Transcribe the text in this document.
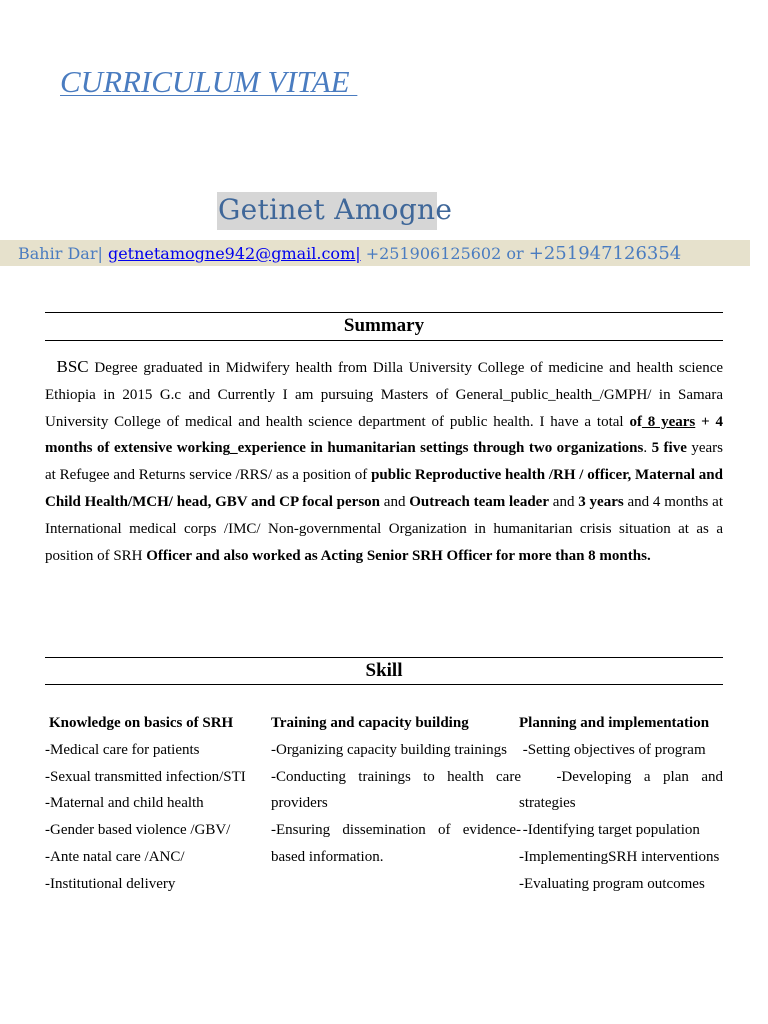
CURRICULUM VITAE
Getinet Amogne
Bahir Dar| getnetamogne942@gmail.com| +251906125602 or +251947126354
Summary
BSC Degree graduated in Midwifery health from Dilla University College of medicine and health science Ethiopia in 2015 G.c and Currently I am pursuing Masters of General_public_health_/GMPH/ in Samara University College of medical and health science department of public health. I have a total of 8 years + 4 months of extensive working_experience in humanitarian settings through two organizations. 5 five years at Refugee and Returns service /RRS/ as a position of public Reproductive health /RH / officer, Maternal and Child Health/MCH/ head, GBV and CP focal person and Outreach team leader and 3 years and 4 months at International medical corps /IMC/ Non-governmental Organization in humanitarian crisis situation at as a position of SRH Officer and also worked as Acting Senior SRH Officer for more than 8 months.
Skill
Knowledge on basics of SRH
-Medical care for patients
-Sexual transmitted infection/STI
-Maternal and child health
-Gender based violence /GBV/
-Ante natal care /ANC/
-Institutional delivery
Training and capacity building
-Organizing capacity building trainings
-Conducting trainings to health care providers
-Ensuring dissemination of evidence-based information.
Planning and implementation
-Setting objectives of program
-Developing a plan and strategies
-Identifying target population
-ImplementingSRH interventions
-Evaluating program outcomes
